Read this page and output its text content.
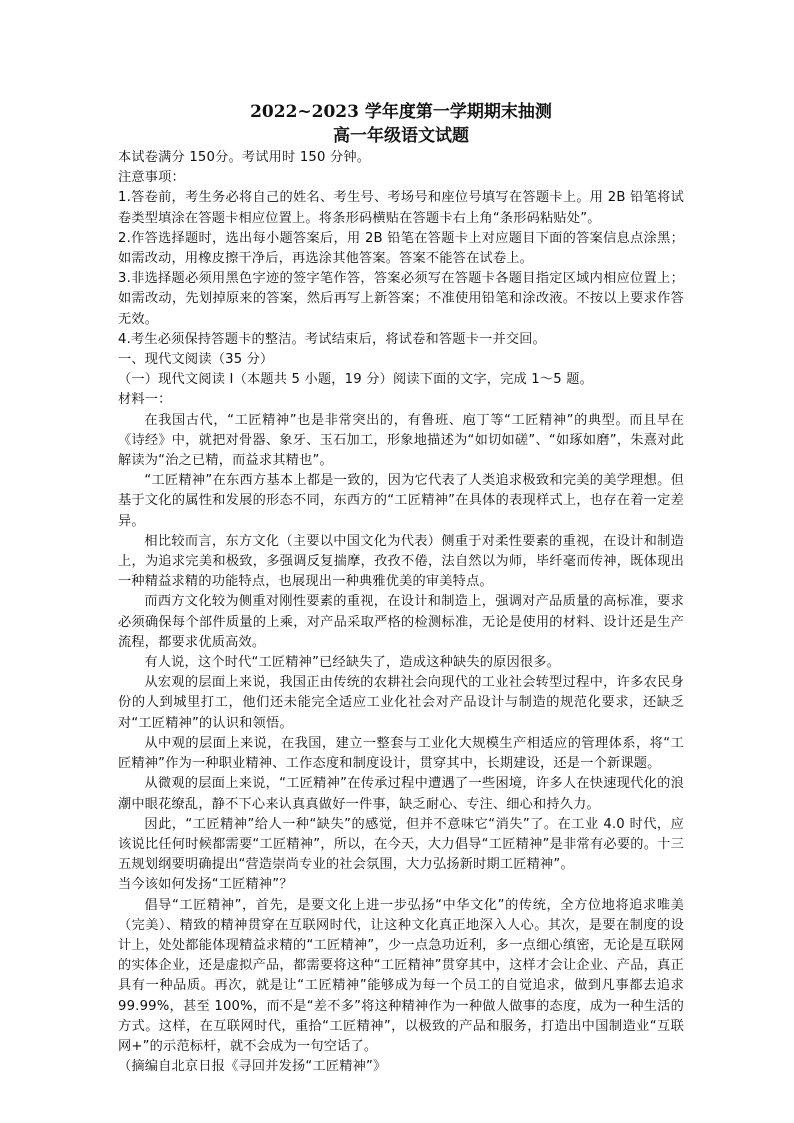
2022~2023 学年度第一学期期末抽测
高一年级语文试题

本试卷满分 150分。考试用时 150 分钟。

注意事项：

1.答卷前，考生务必将自己的姓名、考生号、考场号和座位号填写在答题卡上。用 2B 铅笔将试卷类型填涂在答题卡相应位置上。将条形码横贴在答题卡右上角“条形码粘贴处”。

2.作答选择题时，选出每小题答案后，用 2B 铅笔在答题卡上对应题目下面的答案信息点涂黑；如需改动，用橡皮擦干净后，再选涂其他答案。答案不能答在试卷上。

3.非选择题必须用黑色字迹的签字笔作答，答案必须写在答题卡各题目指定区域内相应位置上；如需改动，先划掉原来的答案，然后再写上新答案；不准使用铅笔和涂改液。不按以上要求作答无效。

4.考生必须保持答题卡的整洁。考试结束后，将试卷和答题卡一并交回。

一、现代文阅读（35 分）

（一）现代文阅读 I（本题共 5 小题，19 分）阅读下面的文字，完成 1～5 题。

材料一：

在我国古代，“工匠精神”也是非常突出的，有鲁班、庖丁等“工匠精神”的典型。而且早在《诗经》中，就把对骨器、象牙、玉石加工，形象地描述为“如切如磋”、“如琢如磨”，朱熹对此解读为“治之已精，而益求其精也”。

“工匠精神”在东西方基本上都是一致的，因为它代表了人类追求极致和完美的美学理想。但基于文化的属性和发展的形态不同，东西方的“工匠精神”在具体的表现样式上，也存在着一定差异。

相比较而言，东方文化（主要以中国文化为代表）侧重于对柔性要素的重视，在设计和制造上，为追求完美和极致，多强调反复揣摩，孜孜不倦，法自然以为师，毕纤毫而传神，既体现出一种精益求精的功能特点，也展现出一种典雅优美的审美特点。

而西方文化较为侧重对刚性要素的重视，在设计和制造上，强调对产品质量的高标准，要求必须确保每个部件质量的上乘，对产品采取严格的检测标准，无论是使用的材料、设计还是生产流程，都要求优质高效。

有人说，这个时代“工匠精神”已经缺失了，造成这种缺失的原因很多。

从宏观的层面上来说，我国正由传统的农耕社会向现代的工业社会转型过程中，许多农民身份的人到城里打工，他们还未能完全适应工业化社会对产品设计与制造的规范化要求，还缺乏对“工匠精神”的认识和领悟。

从中观的层面上来说，在我国，建立一整套与工业化大规模生产相适应的管理体系，将“工匠精神”作为一种职业精神、工作态度和制度设计，贯穿其中，长期建设，还是一个新课题。

从微观的层面上来说，“工匠精神”在传承过程中遭遇了一些困境，许多人在快速现代化的浪潮中眼花缭乱，静不下心来认真真做好一件事，缺乏耐心、专注、细心和持久力。

因此，“工匠精神”给人一种“缺失”的感觉，但并不意味它“消失”了。在工业 4.0 时代，应该说比任何时候都需要“工匠精神”，所以，在今天，大力倡导“工匠精神”是非常有必要的。十三五规划纲要明确提出“营造崇尚专业的社会氛围，大力弘扬新时期工匠精神”。

当今该如何发扬“工匠精神”？

倡导“工匠精神”，首先，是要文化上进一步弘扬“中华文化”的传统，全方位地将追求唯美（完美）、精致的精神贯穿在互联网时代，让这种文化真正地深入人心。其次，是要在制度的设计上，处处都能体现精益求精的“工匠精神”，少一点急功近利，多一点细心缜密，无论是互联网的实体企业，还是虚拟产品，都需要将这种“工匠精神”贯穿其中，这样才会让企业、产品，真正具有一种品质。再次，就是让“工匠精神”能够成为每一个员工的自觉追求，做到凡事都去追求 99.99%，甚至 100%，而不是“差不多”将这种精神作为一种做人做事的态度，成为一种生活的方式。这样，在互联网时代，重拾“工匠精神”，以极致的产品和服务，打造出中国制造业“互联网+”的示范标杆，就不会成为一句空话了。

（摘编自北京日报《寻回并发扬“工匠精神”》
